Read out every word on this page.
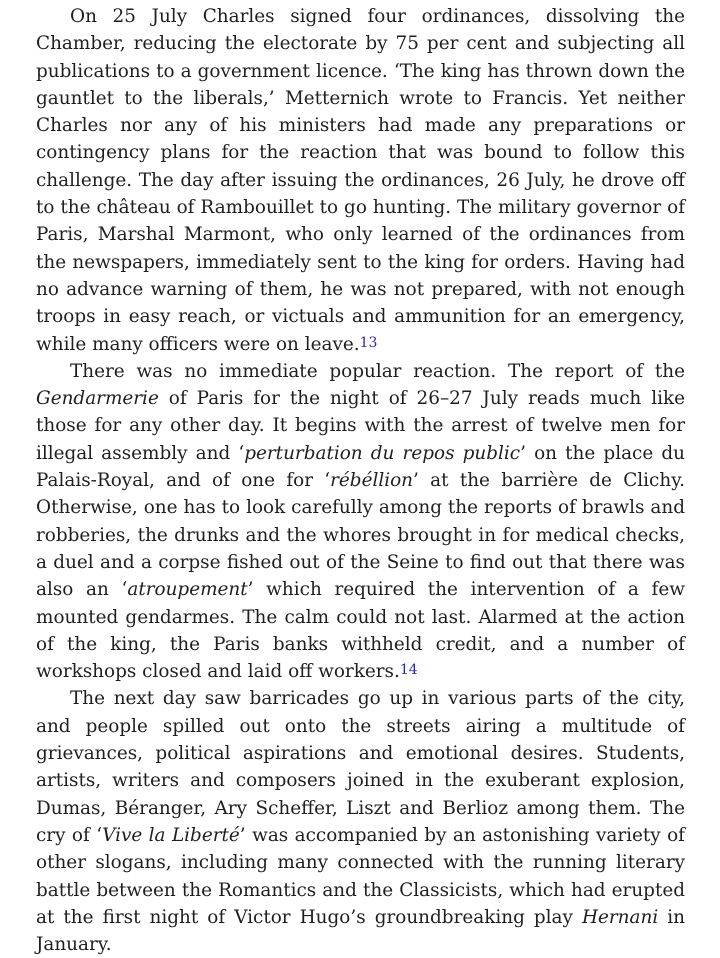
On 25 July Charles signed four ordinances, dissolving the Chamber, reducing the electorate by 75 per cent and subjecting all publications to a government licence. ‘The king has thrown down the gauntlet to the liberals,’ Metternich wrote to Francis. Yet neither Charles nor any of his ministers had made any preparations or contingency plans for the reaction that was bound to follow this challenge. The day after issuing the ordinances, 26 July, he drove off to the château of Rambouillet to go hunting. The military governor of Paris, Marshal Marmont, who only learned of the ordinances from the newspapers, immediately sent to the king for orders. Having had no advance warning of them, he was not prepared, with not enough troops in easy reach, or victuals and ammunition for an emergency, while many officers were on leave.13

There was no immediate popular reaction. The report of the Gendarmerie of Paris for the night of 26–27 July reads much like those for any other day. It begins with the arrest of twelve men for illegal assembly and ‘perturbation du repos public’ on the place du Palais-Royal, and of one for ‘rébéllion’ at the barrière de Clichy. Otherwise, one has to look carefully among the reports of brawls and robberies, the drunks and the whores brought in for medical checks, a duel and a corpse fished out of the Seine to find out that there was also an ‘atroupement’ which required the intervention of a few mounted gendarmes. The calm could not last. Alarmed at the action of the king, the Paris banks withheld credit, and a number of workshops closed and laid off workers.14

The next day saw barricades go up in various parts of the city, and people spilled out onto the streets airing a multitude of grievances, political aspirations and emotional desires. Students, artists, writers and composers joined in the exuberant explosion, Dumas, Béranger, Ary Scheffer, Liszt and Berlioz among them. The cry of ‘Vive la Liberté’ was accompanied by an astonishing variety of other slogans, including many connected with the running literary battle between the Romantics and the Classicists, which had erupted at the first night of Victor Hugo’s groundbreaking play Hernani in January.
